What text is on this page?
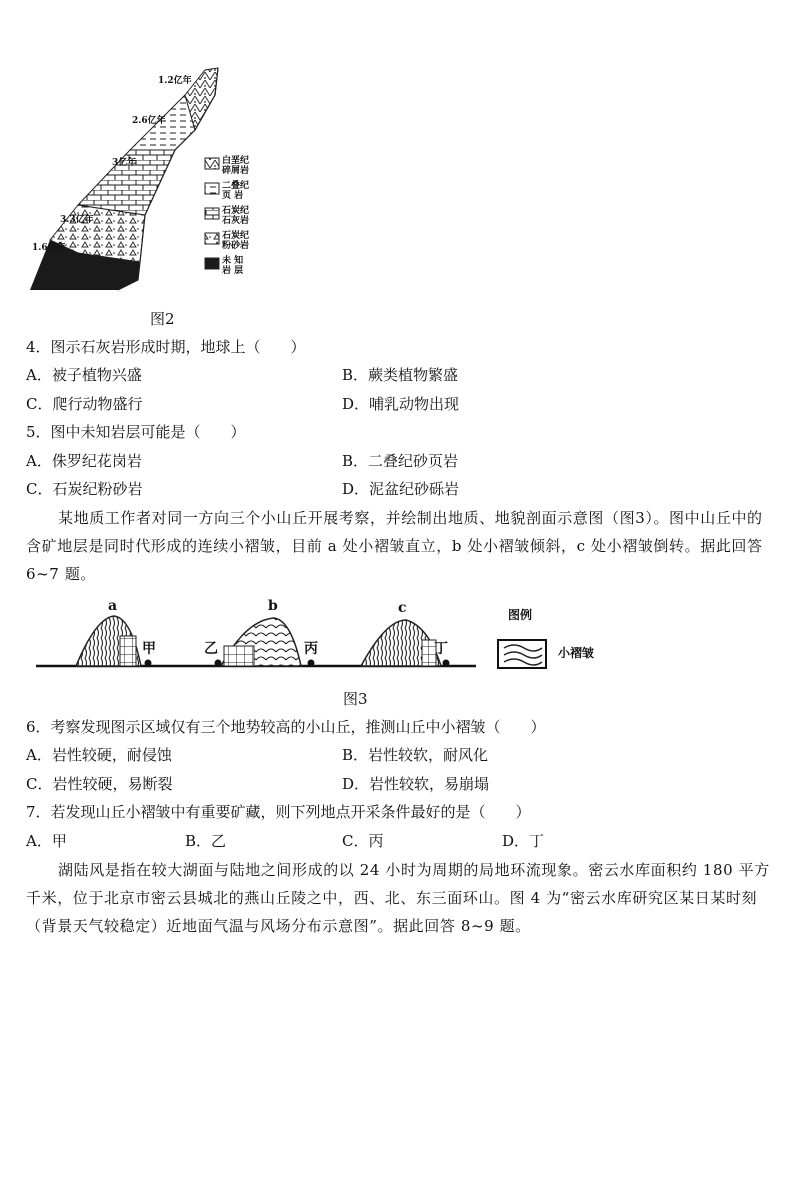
1.2亿年
2.6亿年
3亿年
3.3亿年
1.6亿年
白垩纪
碎屑岩
二叠纪
页 岩
石炭纪
石灰岩
石炭纪
粉砂岩
未 知
岩 层
图2
4．图示石灰岩形成时期，地球上（　　）
A．被子植物兴盛	B．蕨类植物繁盛
C．爬行动物盛行	D．哺乳动物出现
5．图中未知岩层可能是（　　）
A．侏罗纪花岗岩	B．二叠纪砂页岩
C．石炭纪粉砂岩	D．泥盆纪砂砾岩
某地质工作者对同一方向三个小山丘开展考察，并绘制出地质、地貌剖面示意图（图3）。图中山丘中的含矿地层是同时代形成的连续小褶皱，目前 a 处小褶皱直立，b 处小褶皱倾斜，c 处小褶皱倒转。据此回答 6~7 题。
a	b	c
甲	乙	丙	丁
图例
小褶皱
图3
6．考察发现图示区域仅有三个地势较高的小山丘，推测山丘中小褶皱（　　）
A．岩性较硬，耐侵蚀	B．岩性较软，耐风化
C．岩性较硬，易断裂	D．岩性较软，易崩塌
7．若发现山丘小褶皱中有重要矿藏，则下列地点开采条件最好的是（　　）
A．甲	B．乙	C．丙	D．丁
湖陆风是指在较大湖面与陆地之间形成的以 24 小时为周期的局地环流现象。密云水库面积约 180 平方千米，位于北京市密云县城北的燕山丘陵之中，西、北、东三面环山。图 4 为“密云水库研究区某日某时刻（背景天气较稳定）近地面气温与风场分布示意图”。据此回答 8~9 题。
